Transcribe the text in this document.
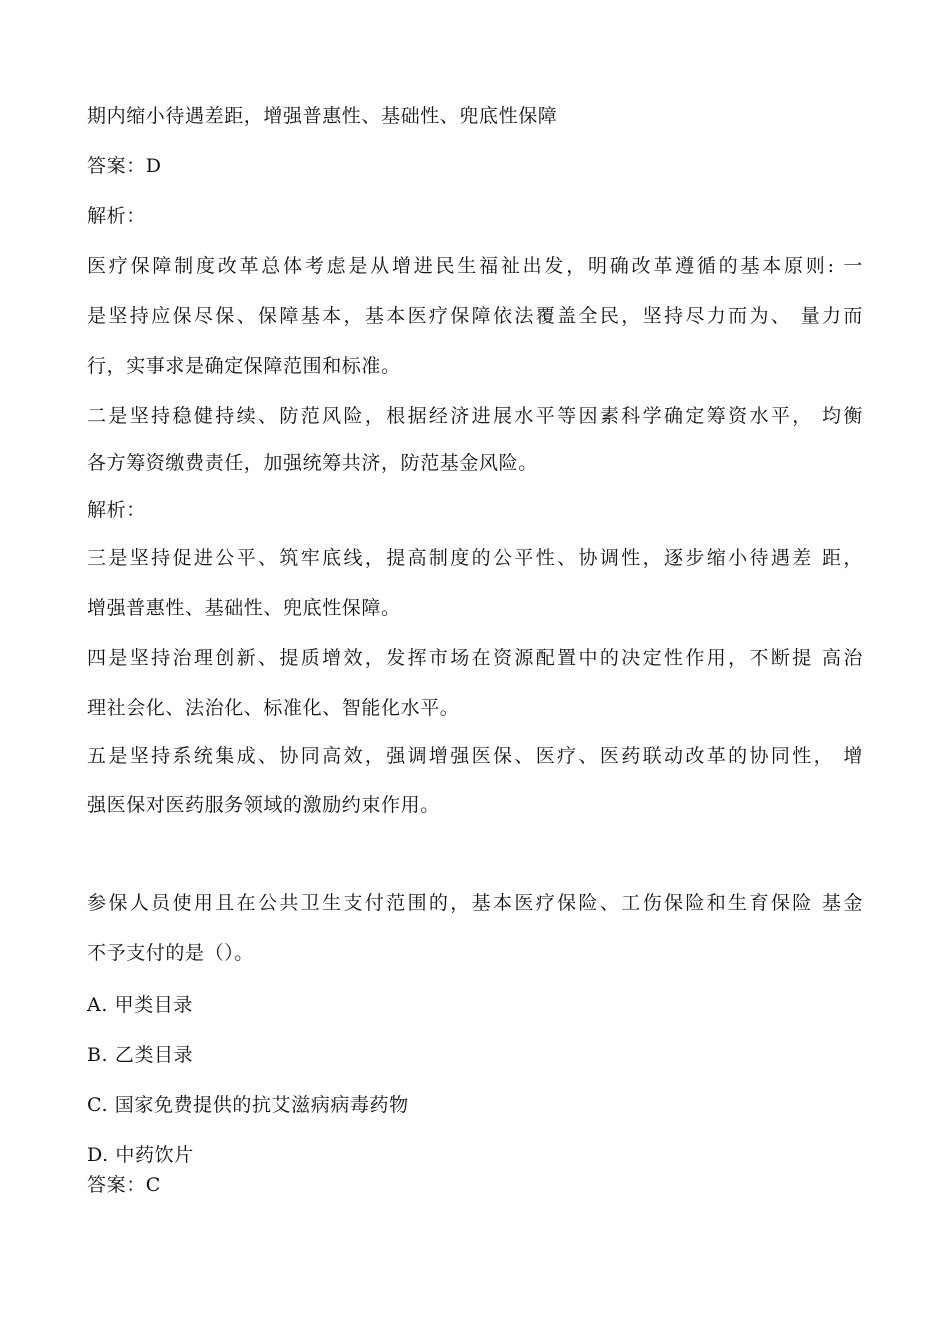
期内缩小待遇差距，增强普惠性、基础性、兜底性保障
答案：D
解析：
医疗保障制度改革总体考虑是从增进民生福祉出发，明确改革遵循的基本原则: 一
是坚持应保尽保、保障基本，基本医疗保障依法覆盖全民，坚持尽力而为、 量力而
行，实事求是确定保障范围和标准。
二是坚持稳健持续、防范风险，根据经济进展水平等因素科学确定筹资水平， 均衡
各方筹资缴费责任，加强统筹共济，防范基金风险。
解析：
三是坚持促进公平、筑牢底线，提高制度的公平性、协调性，逐步缩小待遇差 距，
增强普惠性、基础性、兜底性保障。
四是坚持治理创新、提质增效，发挥市场在资源配置中的决定性作用，不断提 高治
理社会化、法治化、标准化、智能化水平。
五是坚持系统集成、协同高效，强调增强医保、医疗、医药联动改革的协同性， 增
强医保对医药服务领域的激励约束作用。
参保人员使用且在公共卫生支付范围的，基本医疗保险、工伤保险和生育保险 基金
不予支付的是（）。
A. 甲类目录
B. 乙类目录
C. 国家免费提供的抗艾滋病病毒药物
D. 中药饮片
答案：C
